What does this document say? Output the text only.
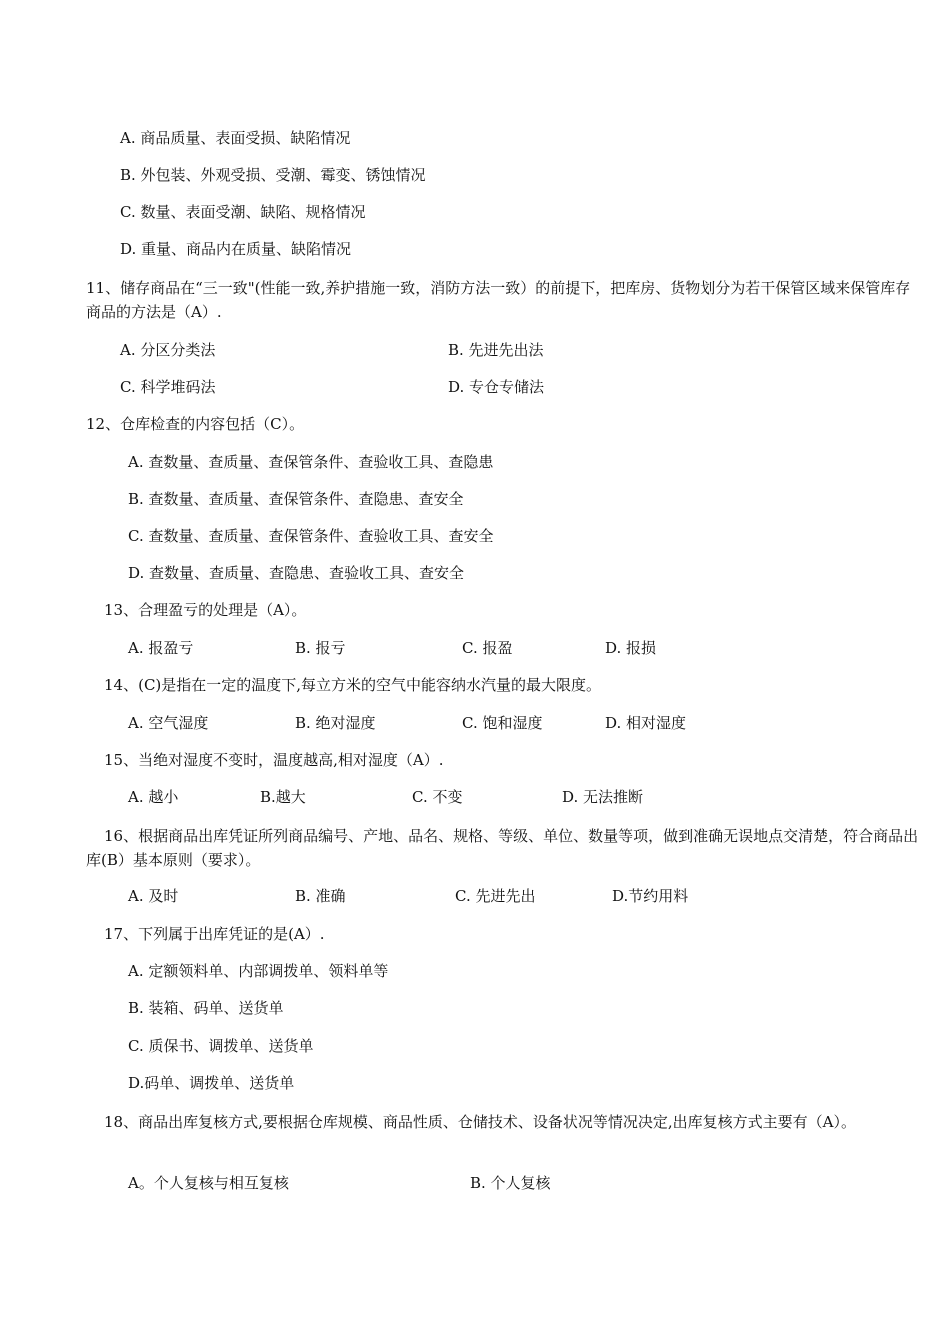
A. 商品质量、表面受损、缺陷情况
B. 外包装、外观受损、受潮、霉变、锈蚀情况
C. 数量、表面受潮、缺陷、规格情况
D. 重量、商品内在质量、缺陷情况
11、储存商品在“三一致"(性能一致,养护措施一致，消防方法一致）的前提下，把库房、货物划分为若干保管区域来保管库存商品的方法是（A）.
A. 分区分类法	B. 先进先出法
C. 科学堆码法	D. 专仓专储法
12、仓库检查的内容包括（C）。
A. 查数量、查质量、查保管条件、查验收工具、查隐患
B. 查数量、查质量、查保管条件、查隐患、查安全
C. 查数量、查质量、查保管条件、查验收工具、查安全
D. 查数量、查质量、查隐患、查验收工具、查安全
13、合理盈亏的处理是（A）。
A. 报盈亏	B. 报亏	C. 报盈	D. 报损
14、(C)是指在一定的温度下,每立方米的空气中能容纳水汽量的最大限度。
A. 空气湿度	B. 绝对湿度	C. 饱和湿度	D. 相对湿度
15、当绝对湿度不变时，温度越高,相对湿度（A）.
A. 越小	B.越大	C. 不变	D. 无法推断
16、根据商品出库凭证所列商品编号、产地、品名、规格、等级、单位、数量等项，做到准确无误地点交清楚，符合商品出库(B）基本原则（要求）。
A. 及时	B. 准确	C. 先进先出	D.节约用料
17、下列属于出库凭证的是(A）.
A. 定额领料单、内部调拨单、领料单等
B. 装箱、码单、送货单
C. 质保书、调拨单、送货单
D.码单、调拨单、送货单
18、商品出库复核方式,要根据仓库规模、商品性质、仓储技术、设备状况等情况决定,出库复核方式主要有（A）。
A。个人复核与相互复核	B. 个人复核
